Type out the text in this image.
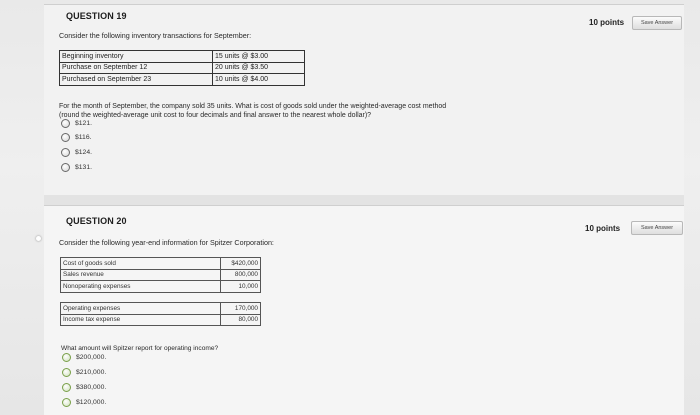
QUESTION 19
10 points	Save Answer
Consider the following inventory transactions for September:
Beginning inventory	15 units @ $3.00
Purchase on September 12	20 units @ $3.50
Purchased on September 23	10 units @ $4.00
For the month of September, the company sold 35 units. What is cost of goods sold under the weighted-average cost method
(round the weighted-average unit cost to four decimals and final answer to the nearest whole dollar)?
$121.
$116.
$124.
$131.
QUESTION 20
10 points	Save Answer
Consider the following year-end information for Spitzer Corporation:
Cost of goods sold	$420,000
Sales revenue	800,000
Nonoperating expenses	10,000
Operating expenses	170,000
Income tax expense	80,000
What amount will Spitzer report for operating income?
$200,000.
$210,000.
$380,000.
$120,000.
